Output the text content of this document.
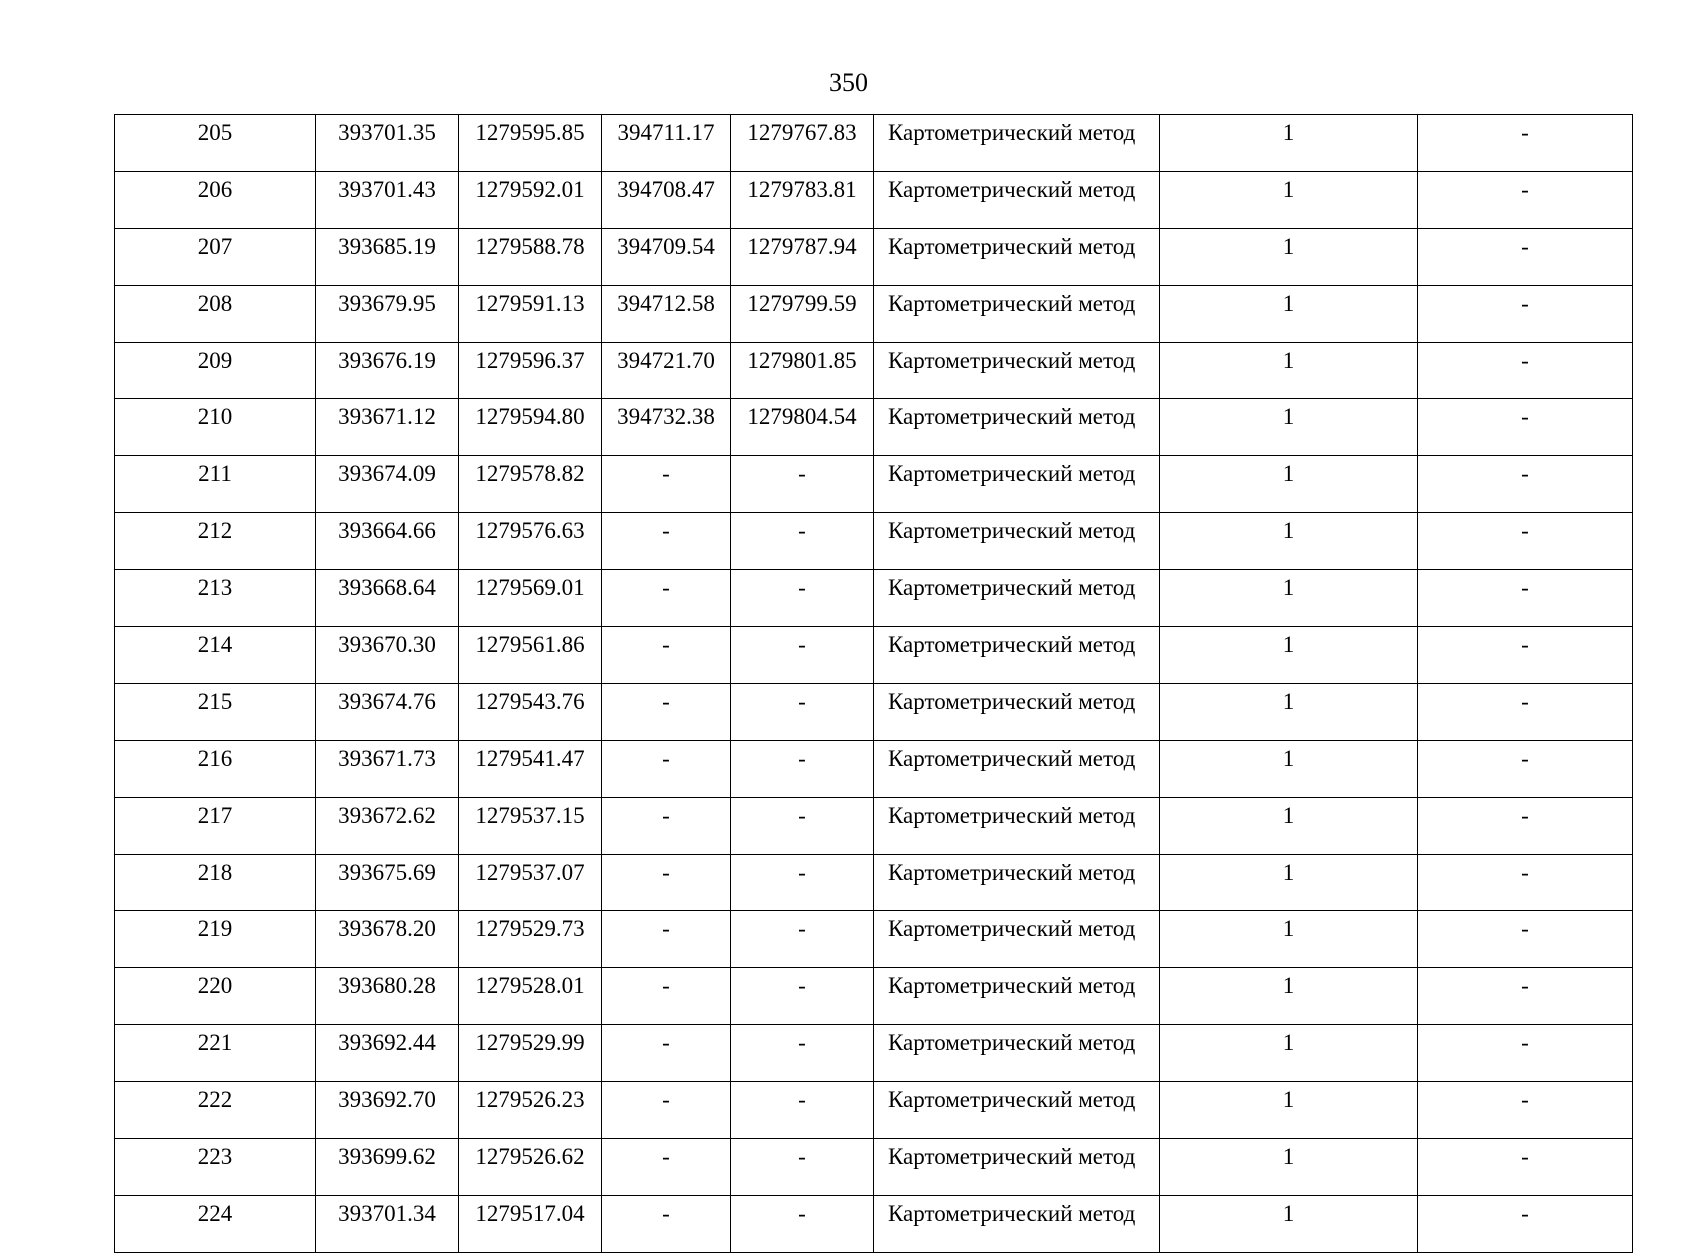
350
205	393701.35	1279595.85	394711.17	1279767.83	Картометрический метод	1	-
206	393701.43	1279592.01	394708.47	1279783.81	Картометрический метод	1	-
207	393685.19	1279588.78	394709.54	1279787.94	Картометрический метод	1	-
208	393679.95	1279591.13	394712.58	1279799.59	Картометрический метод	1	-
209	393676.19	1279596.37	394721.70	1279801.85	Картометрический метод	1	-
210	393671.12	1279594.80	394732.38	1279804.54	Картометрический метод	1	-
211	393674.09	1279578.82	-	-	Картометрический метод	1	-
212	393664.66	1279576.63	-	-	Картометрический метод	1	-
213	393668.64	1279569.01	-	-	Картометрический метод	1	-
214	393670.30	1279561.86	-	-	Картометрический метод	1	-
215	393674.76	1279543.76	-	-	Картометрический метод	1	-
216	393671.73	1279541.47	-	-	Картометрический метод	1	-
217	393672.62	1279537.15	-	-	Картометрический метод	1	-
218	393675.69	1279537.07	-	-	Картометрический метод	1	-
219	393678.20	1279529.73	-	-	Картометрический метод	1	-
220	393680.28	1279528.01	-	-	Картометрический метод	1	-
221	393692.44	1279529.99	-	-	Картометрический метод	1	-
222	393692.70	1279526.23	-	-	Картометрический метод	1	-
223	393699.62	1279526.62	-	-	Картометрический метод	1	-
224	393701.34	1279517.04	-	-	Картометрический метод	1	-
